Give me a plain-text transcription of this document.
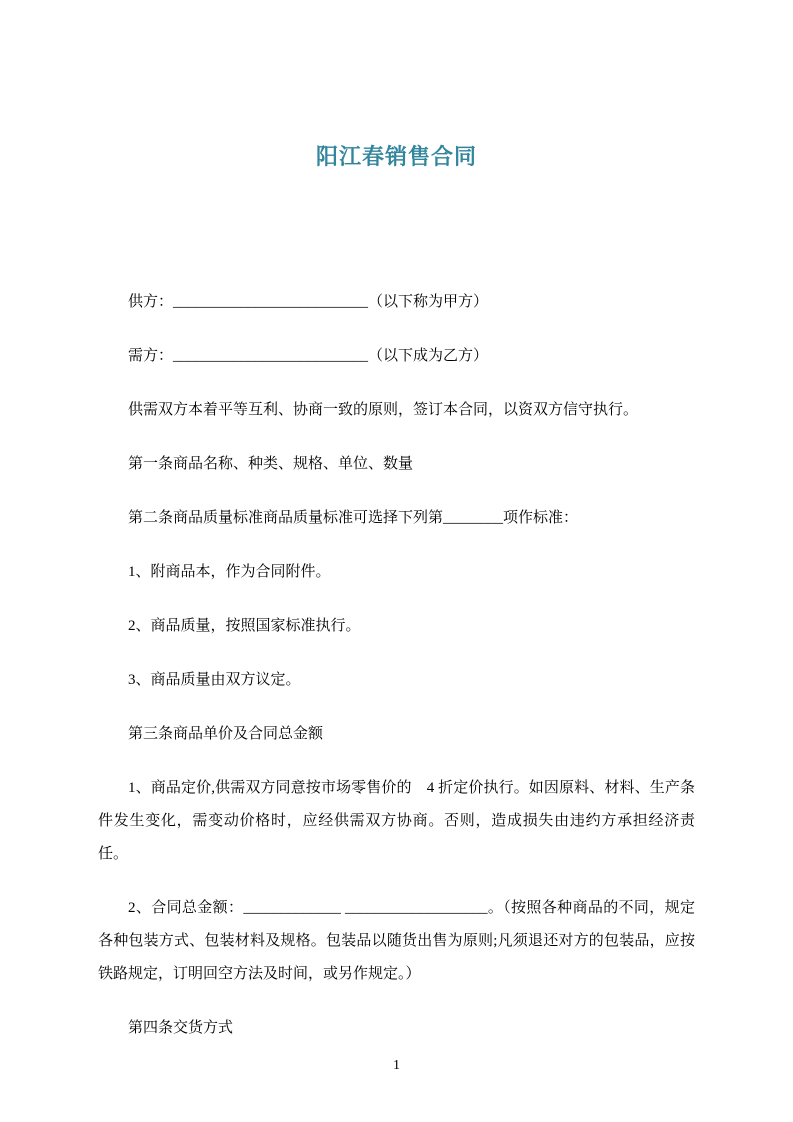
阳江春销售合同

供方：__________________________（以下称为甲方）

需方：__________________________（以下成为乙方）

供需双方本着平等互利、协商一致的原则，签订本合同，以资双方信守执行。

第一条商品名称、种类、规格、单位、数量

第二条商品质量标准商品质量标准可选择下列第________项作标准：

1、附商品本，作为合同附件。

2、商品质量，按照国家标准执行。

3、商品质量由双方议定。

第三条商品单价及合同总金额

1、商品定价,供需双方同意按市场零售价的　4 折定价执行。如因原料、材料、生产条件发生变化，需变动价格时，应经供需双方协商。否则，造成损失由违约方承担经济责任。

2、合同总金额：_____________ ___________________。（按照各种商品的不同，规定各种包装方式、包装材料及规格。包装品以随货出售为原则;凡须退还对方的包装品，应按铁路规定，订明回空方法及时间，或另作规定。）

第四条交货方式

1
